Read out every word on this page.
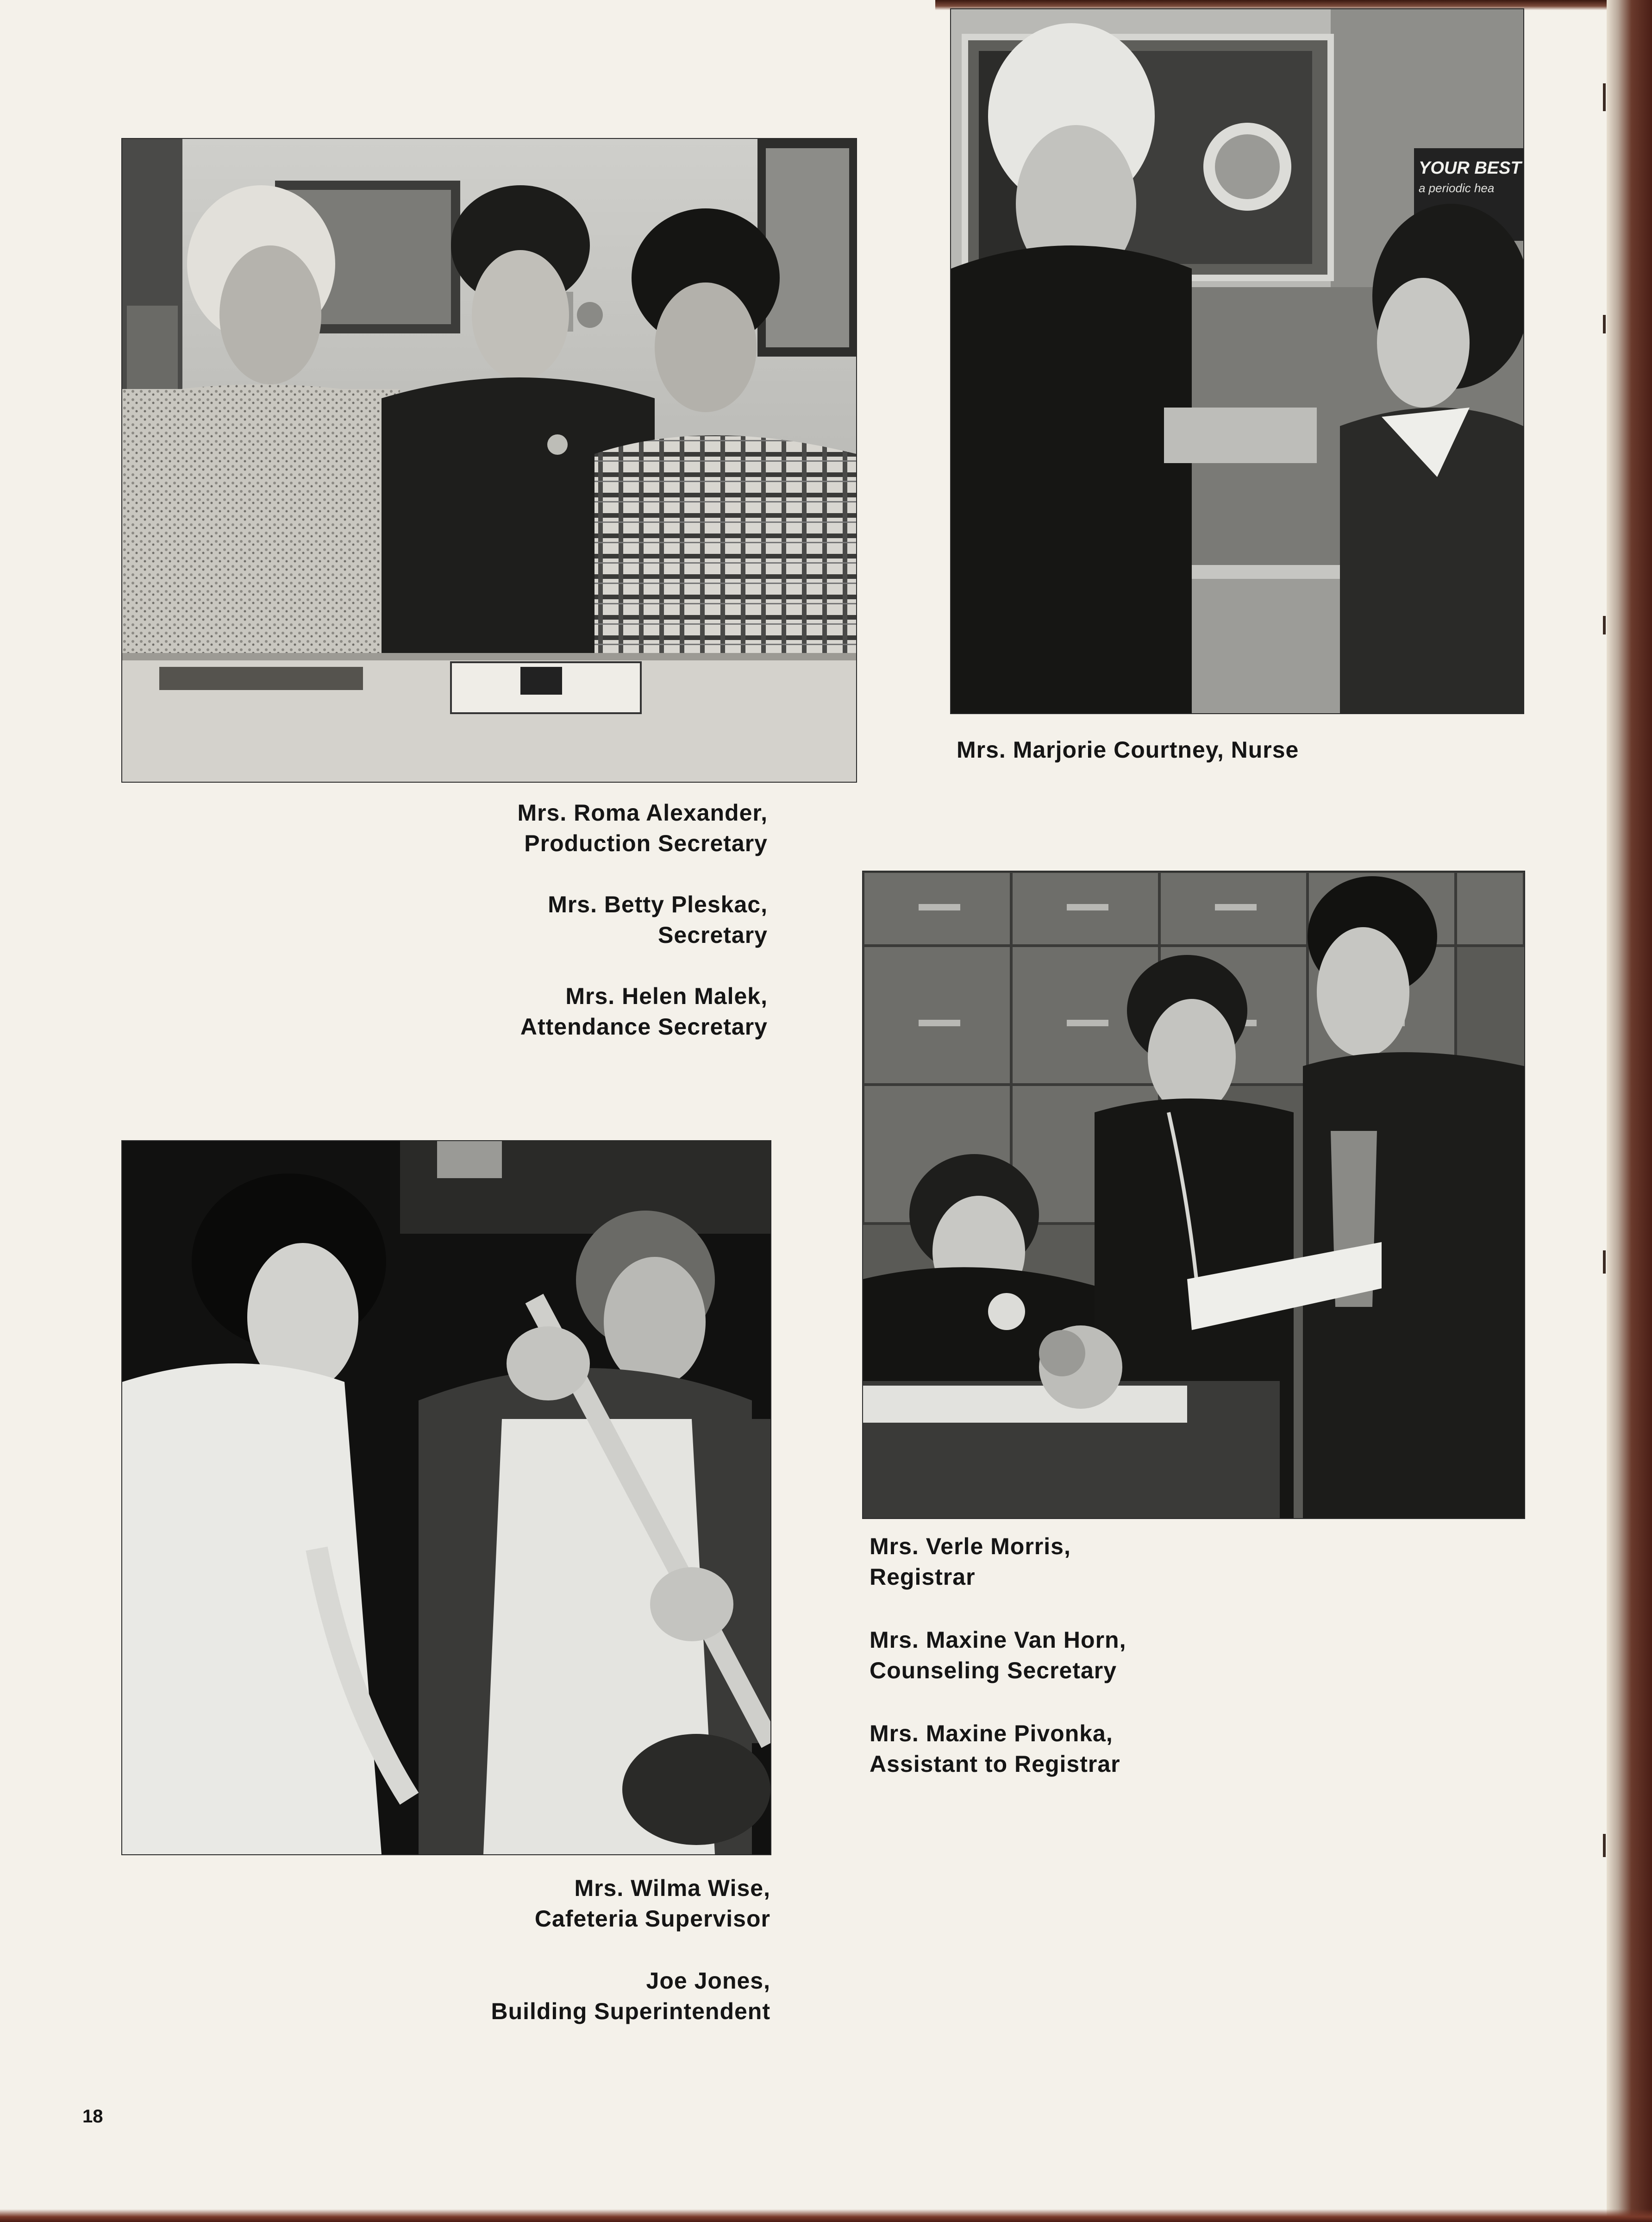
YOUR BEST
a periodic hea
Mrs. Roma Alexander,
Production Secretary
Mrs. Betty Pleskac,
Secretary
Mrs. Helen Malek,
Attendance Secretary
Mrs. Marjorie Courtney, Nurse
Mrs. Verle Morris,
Registrar
Mrs. Maxine Van Horn,
Counseling Secretary
Mrs. Maxine Pivonka,
Assistant to Registrar
Mrs. Wilma Wise,
Cafeteria Supervisor
Joe Jones,
Building Superintendent
18
